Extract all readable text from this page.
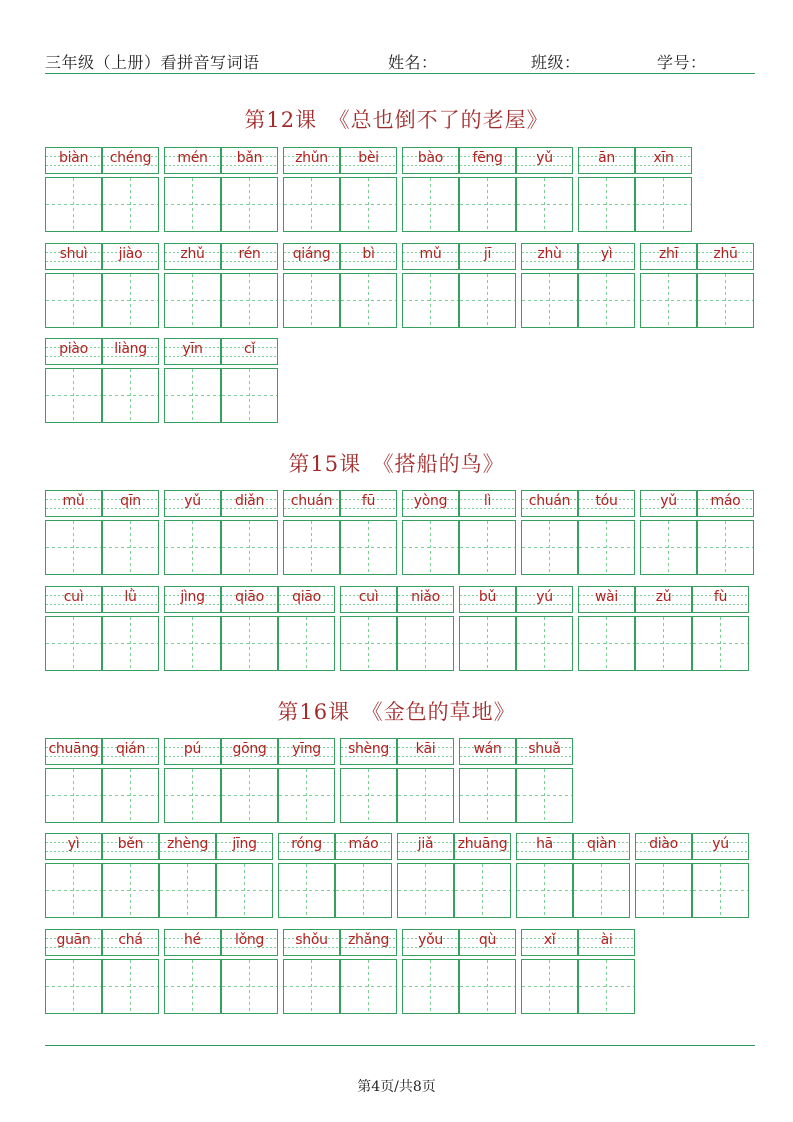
三年级（上册）看拼音写词语	姓名：	班级：	学号：
第12课　《总也倒不了的老屋》
biàn	chéng	mén	bǎn	zhǔn	bèi	bào	fēng	yǔ	ān	xīn
shuì	jiào	zhǔ	rén	qiáng	bì	mǔ	jī	zhù	yì	zhī	zhū
piào	liàng	yīn	cǐ
第15课　《搭船的鸟》
mǔ	qīn	yǔ	diǎn	chuán	fū	yòng	lì	chuán	tóu	yǔ	máo
cuì	lǜ	jìng	qiāo	qiāo	cuì	niǎo	bǔ	yú	wài	zǔ	fù
第16课　《金色的草地》
chuāng	qián	pú	gōng	yīng	shèng	kāi	wán	shuǎ
yì	běn	zhèng	jīng	róng	máo	jiǎ	zhuāng	hā	qiàn	diào	yú
guān	chá	hé	lǒng	shǒu	zhǎng	yǒu	qù	xǐ	ài
第4页/共8页
